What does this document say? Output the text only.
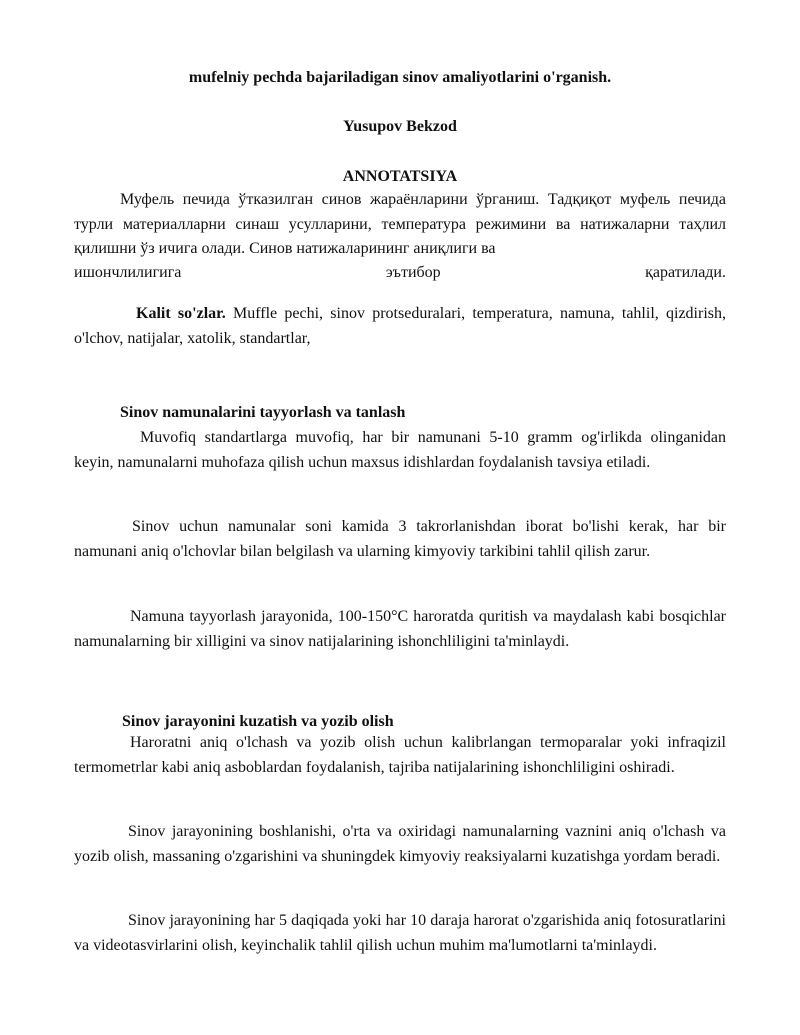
mufelniy pechda bajariladigan sinov amaliyotlarini o'rganish.
Yusupov Bekzod
ANNOTATSIYA
Муфель печида ўтказилган синов жараёнларини ўрганиш. Тадқиқот муфель печида турли материалларни синаш усулларини, температура режимини ва натижаларни таҳлил қилишни ўз ичига олади. Синов натижаларининг аниқлиги ва
ишончлилигига эътибор қаратилади.
Kalit so'zlar. Muffle pechi, sinov protseduralari, temperatura, namuna, tahlil, qizdirish, o'lchov, natijalar, xatolik, standartlar,
Sinov namunalarini tayyorlash va tanlash
Muvofiq standartlarga muvofiq, har bir namunani 5-10 gramm og'irlikda olinganidan keyin, namunalarni muhofaza qilish uchun maxsus idishlardan foydalanish tavsiya etiladi.
Sinov uchun namunalar soni kamida 3 takrorlanishdan iborat bo'lishi kerak, har bir namunani aniq o'lchovlar bilan belgilash va ularning kimyoviy tarkibini tahlil qilish zarur.
Namuna tayyorlash jarayonida, 100-150°C haroratda quritish va maydalash kabi bosqichlar namunalarning bir xilligini va sinov natijalarining ishonchliligini ta'minlaydi.
Sinov jarayonini kuzatish va yozib olish
Haroratni aniq o'lchash va yozib olish uchun kalibrlangan termoparalar yoki infraqizil termometrlar kabi aniq asboblardan foydalanish, tajriba natijalarining ishonchliligini oshiradi.
Sinov jarayonining boshlanishi, o'rta va oxiridagi namunalarning vaznini aniq o'lchash va yozib olish, massaning o'zgarishini va shuningdek kimyoviy reaksiyalarni kuzatishga yordam beradi.
Sinov jarayonining har 5 daqiqada yoki har 10 daraja harorat o'zgarishida aniq fotosuratlarini va videotasvirlarini olish, keyinchalik tahlil qilish uchun muhim ma'lumotlarni ta'minlaydi.
